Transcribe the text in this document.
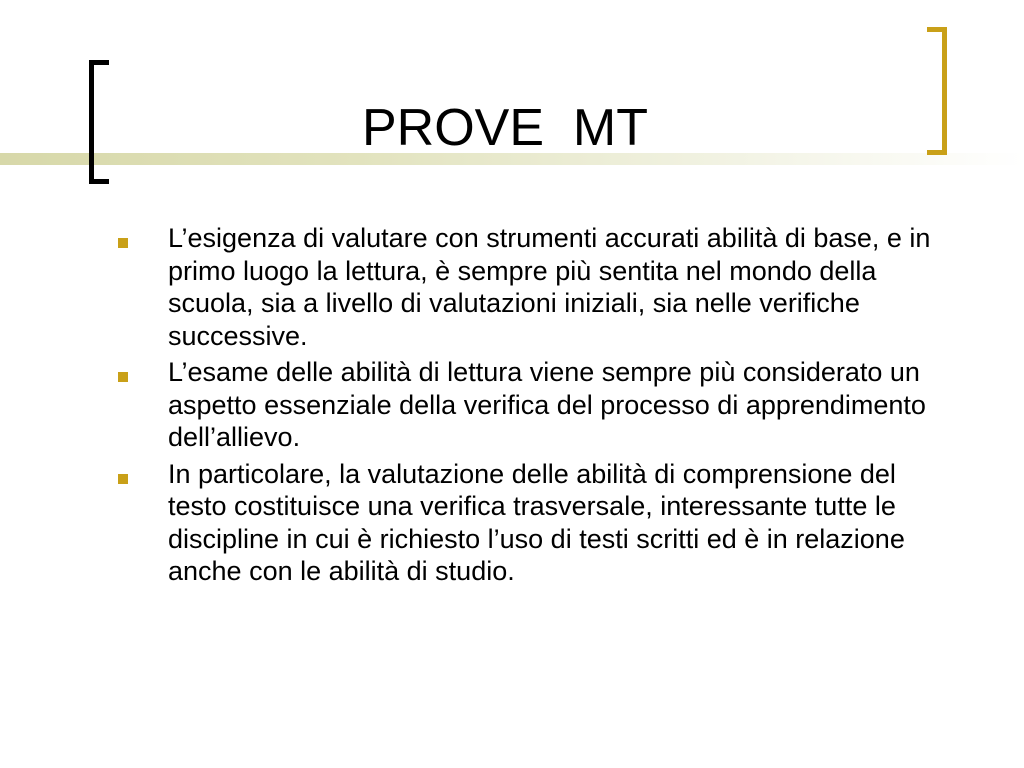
PROVE  MT
L’esigenza di valutare con strumenti accurati abilità di base, e in primo luogo la lettura, è sempre più sentita nel mondo della scuola, sia a livello di valutazioni iniziali, sia nelle verifiche successive.
L’esame delle abilità di lettura viene sempre più considerato un aspetto essenziale della verifica del processo di apprendimento dell’allievo.
In particolare, la valutazione delle abilità di comprensione del testo costituisce una verifica trasversale, interessante tutte le discipline in cui è richiesto l’uso di testi scritti ed è in relazione anche con le abilità di studio.
